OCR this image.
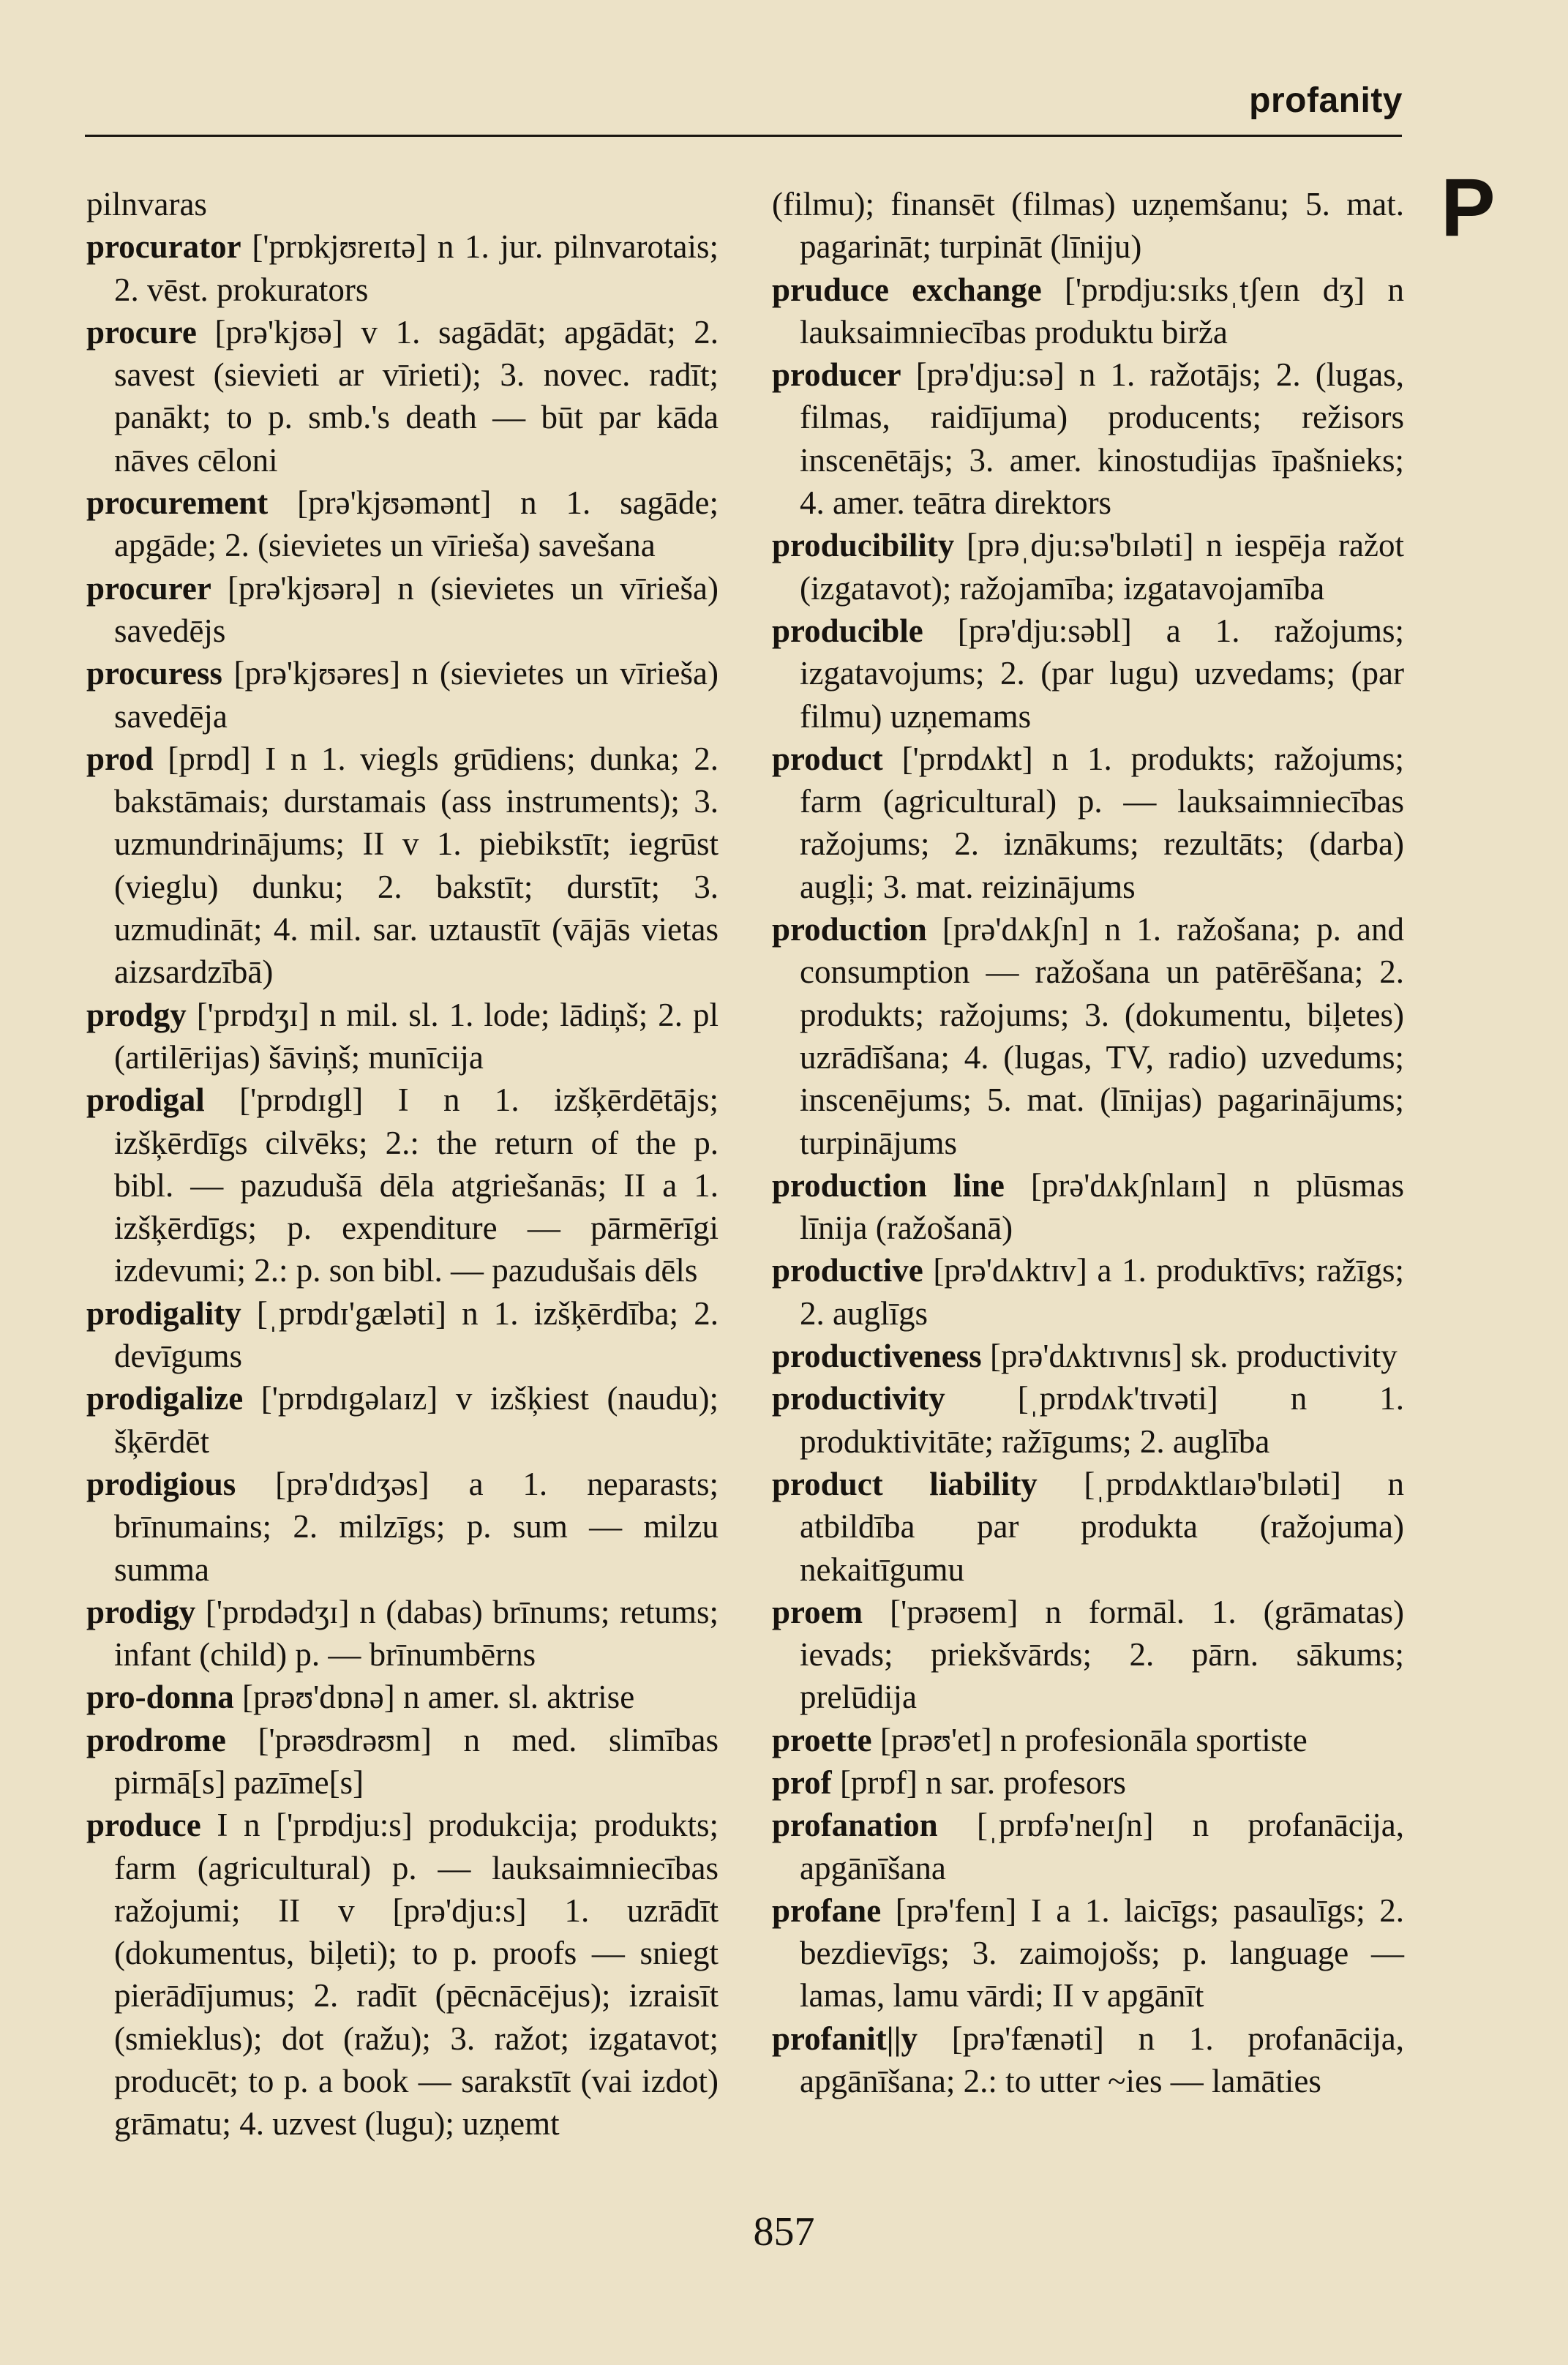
profanity
P

pilnvaras

procurator ['prɒkjʊreɪtə] n 1. jur. pilnvarotais; 2. vēst. prokurators

procure [prə'kjʊə] v 1. sagādāt; apgādāt; 2. savest (sievieti ar vīrieti); 3. novec. radīt; panākt; to p. smb.'s death — būt par kāda nāves cēloni

procurement [prə'kjʊəmənt] n 1. sagāde; apgāde; 2. (sievietes un vīrieša) savešana

procurer [prə'kjʊərə] n (sievietes un vīrieša) savedējs

procuress [prə'kjʊəres] n (sievietes un vīrieša) savedēja

prod [prɒd] I n 1. viegls grūdiens; dunka; 2. bakstāmais; durstamais (ass instruments); 3. uzmundrinājums; II v 1. piebikstīt; iegrūst (vieglu) dunku; 2. bakstīt; durstīt; 3. uzmudināt; 4. mil. sar. uztaustīt (vājās vietas aizsardzībā)

prodgy ['prɒdʒɪ] n mil. sl. 1. lode; lādiņš; 2. pl (artilērijas) šāviņš; munīcija

prodigal ['prɒdɪgl] I n 1. izšķērdētājs; izšķērdīgs cilvēks; 2.: the return of the p. bibl. — pazudušā dēla atgriešanās; II a 1. izšķērdīgs; p. expenditure — pārmērīgi izdevumi; 2.: p. son bibl. — pazudušais dēls

prodigality [ˌprɒdɪ'gæləti] n 1. izšķērdība; 2. devīgums

prodigalize ['prɒdɪgəlaɪz] v izšķiest (naudu); šķērdēt

prodigious [prə'dɪdʒəs] a 1. neparasts; brīnumains; 2. milzīgs; p. sum — milzu summa

prodigy ['prɒdədʒɪ] n (dabas) brīnums; retums; infant (child) p. — brīnumbērns

pro-donna [prəʊ'dɒnə] n amer. sl. aktrise

prodrome ['prəʊdrəʊm] n med. slimības pirmā[s] pazīme[s]

produce I n ['prɒdju:s] produkcija; produkts; farm (agricultural) p. — lauksaimniecības ražojumi; II v [prə'dju:s] 1. uzrādīt (dokumentus, biļeti); to p. proofs — sniegt pierādījumus; 2. radīt (pēcnācējus); izraisīt (smieklus); dot (ražu); 3. ražot; izgatavot; producēt; to p. a book — sarakstīt (vai izdot) grāmatu; 4. uzvest (lugu); uzņemt

(filmu); finansēt (filmas) uzņemšanu; 5. mat. pagarināt; turpināt (līniju)

pruduce exchange ['prɒdju:sɪksˌtʃeɪn dʒ] n lauksaimniecības produktu birža

producer [prə'dju:sə] n 1. ražotājs; 2. (lugas, filmas, raidījuma) producents; režisors inscenētājs; 3. amer. kinostudijas īpašnieks; 4. amer. teātra direktors

producibility [prəˌdju:sə'bɪləti] n iespēja ražot (izgatavot); ražojamība; izgatavojamība

producible [prə'dju:səbl] a 1. ražojums; izgatavojums; 2. (par lugu) uzvedams; (par filmu) uzņemams

product ['prɒdʌkt] n 1. produkts; ražojums; farm (agricultural) p. — lauksaimniecības ražojums; 2. iznākums; rezultāts; (darba) augļi; 3. mat. reizinājums

production [prə'dʌkʃn] n 1. ražošana; p. and consumption — ražošana un patērēšana; 2. produkts; ražojums; 3. (dokumentu, biļetes) uzrādīšana; 4. (lugas, TV, radio) uzvedums; inscenējums; 5. mat. (līnijas) pagarinājums; turpinājums

production line [prə'dʌkʃnlaɪn] n plūsmas līnija (ražošanā)

productive [prə'dʌktɪv] a 1. produktīvs; ražīgs; 2. auglīgs

productiveness [prə'dʌktɪvnɪs] sk. productivity

productivity [ˌprɒdʌk'tɪvəti] n 1. produktivitāte; ražīgums; 2. auglība

product liability [ˌprɒdʌktlaɪə'bɪləti] n atbildība par produkta (ražojuma) nekaitīgumu

proem ['prəʊem] n formāl. 1. (grāmatas) ievads; priekšvārds; 2. pārn. sākums; prelūdija

proette [prəʊ'et] n profesionāla sportiste

prof [prɒf] n sar. profesors

profanation [ˌprɒfə'neɪʃn] n profanācija, apgānīšana

profane [prə'feɪn] I a 1. laicīgs; pasaulīgs; 2. bezdievīgs; 3. zaimojošs; p. language — lamas, lamu vārdi; II v apgānīt

profanit||y [prə'fænəti] n 1. profanācija, apgānīšana; 2.: to utter ~ies — lamāties

857
